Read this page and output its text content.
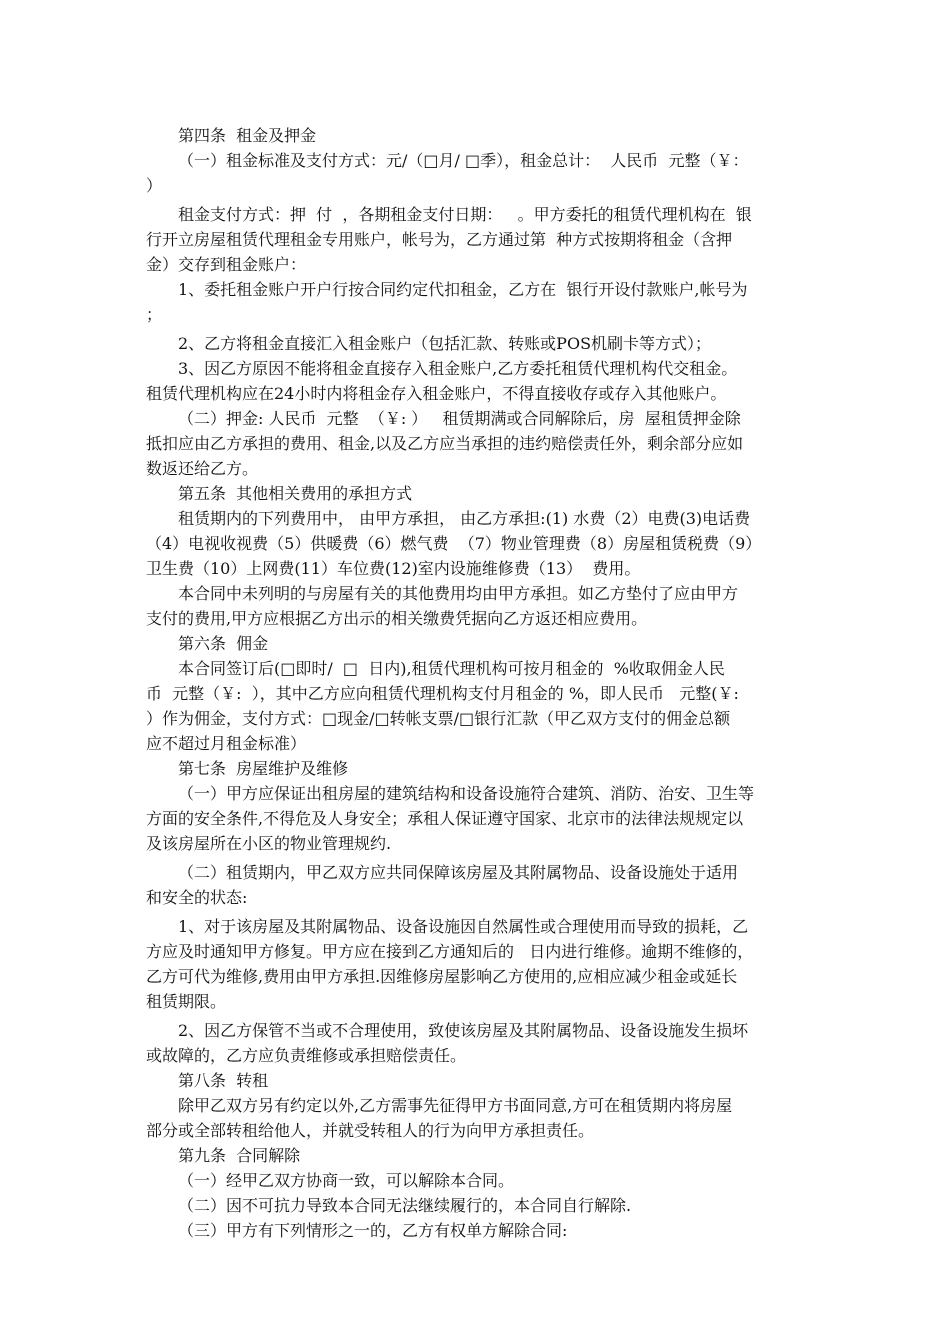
第四条  租金及押金
（一）租金标准及支付方式：元/（□月/ □季），租金总计：  人民币  元整（￥：
）
租金支付方式：押  付  ，各期租金支付日期：   。甲方委托的租赁代理机构在  银
行开立房屋租赁代理租金专用账户，帐号为，乙方通过第  种方式按期将租金（含押
金）交存到租金账户：
1、委托租金账户开户行按合同约定代扣租金，乙方在  银行开设付款账户,帐号为
；
2、乙方将租金直接汇入租金账户（包括汇款、转账或POS机刷卡等方式）；
3、因乙方原因不能将租金直接存入租金账户,乙方委托租赁代理机构代交租金。
租赁代理机构应在24小时内将租金存入租金账户，不得直接收存或存入其他账户。
（二）押金: 人民币  元整  （￥: ）   租赁期满或合同解除后，房  屋租赁押金除
抵扣应由乙方承担的费用、租金,以及乙方应当承担的违约赔偿责任外，剩余部分应如
数返还给乙方。
第五条  其他相关费用的承担方式
租赁期内的下列费用中， 由甲方承担， 由乙方承担:(1) 水费（2）电费(3)电话费
（4）电视收视费（5）供暖费（6）燃气费  （7）物业管理费（8）房屋租赁税费（9）
卫生费（10）上网费(11）车位费(12)室内设施维修费（13）  费用。
本合同中未列明的与房屋有关的其他费用均由甲方承担。如乙方垫付了应由甲方
支付的费用,甲方应根据乙方出示的相关缴费凭据向乙方返还相应费用。
第六条  佣金
本合同签订后(□即时/  □  日内),租赁代理机构可按月租金的  %收取佣金人民
币  元整（￥:  ），其中乙方应向租赁代理机构支付月租金的 %，即人民币   元整(￥:
）作为佣金，支付方式：□现金/□转帐支票/□银行汇款（甲乙双方支付的佣金总额
应不超过月租金标准）
第七条  房屋维护及维修
（一）甲方应保证出租房屋的建筑结构和设备设施符合建筑、消防、治安、卫生等
方面的安全条件,不得危及人身安全；承租人保证遵守国家、北京市的法律法规规定以
及该房屋所在小区的物业管理规约.
（二）租赁期内，甲乙双方应共同保障该房屋及其附属物品、设备设施处于适用
和安全的状态:
1、对于该房屋及其附属物品、设备设施因自然属性或合理使用而导致的损耗，乙
方应及时通知甲方修复。甲方应在接到乙方通知后的   日内进行维修。逾期不维修的，
乙方可代为维修,费用由甲方承担.因维修房屋影响乙方使用的,应相应减少租金或延长
租赁期限。
2、因乙方保管不当或不合理使用，致使该房屋及其附属物品、设备设施发生损坏
或故障的，乙方应负责维修或承担赔偿责任。
第八条  转租
除甲乙双方另有约定以外,乙方需事先征得甲方书面同意,方可在租赁期内将房屋
部分或全部转租给他人，并就受转租人的行为向甲方承担责任。
第九条  合同解除
（一）经甲乙双方协商一致，可以解除本合同。
（二）因不可抗力导致本合同无法继续履行的，本合同自行解除.
（三）甲方有下列情形之一的，乙方有权单方解除合同:
